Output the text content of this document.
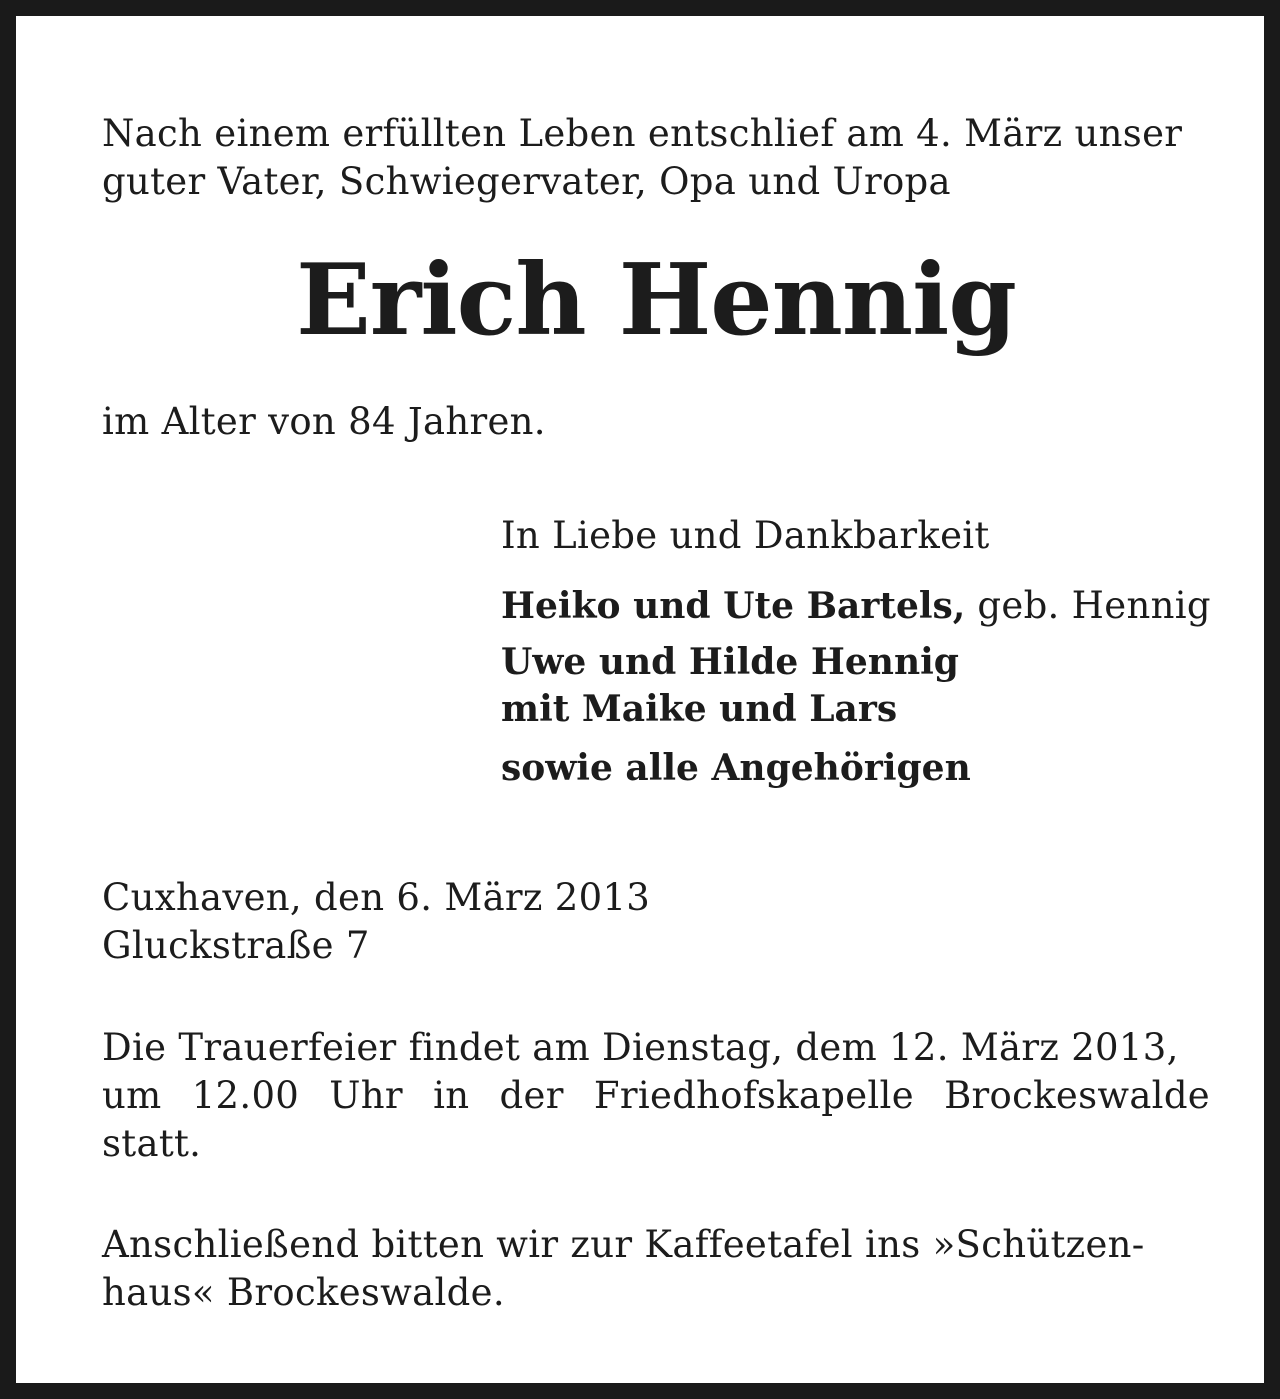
Nach einem erfüllten Leben entschlief am 4. März unser

guter Vater, Schwiegervater, Opa und Uropa

Erich Hennig

im Alter von 84 Jahren.

In Liebe und Dankbarkeit

Heiko und Ute Bartels, geb. Hennig

Uwe und Hilde Hennig

mit Maike und Lars

sowie alle Angehörigen

Cuxhaven, den 6. März 2013

Gluckstraße 7

Die Trauerfeier findet am Dienstag, dem 12. März 2013,

um 12.00 Uhr in der Friedhofskapelle Brockeswalde

statt.

Anschließend bitten wir zur Kaffeetafel ins »Schützen-

haus« Brockeswalde.
